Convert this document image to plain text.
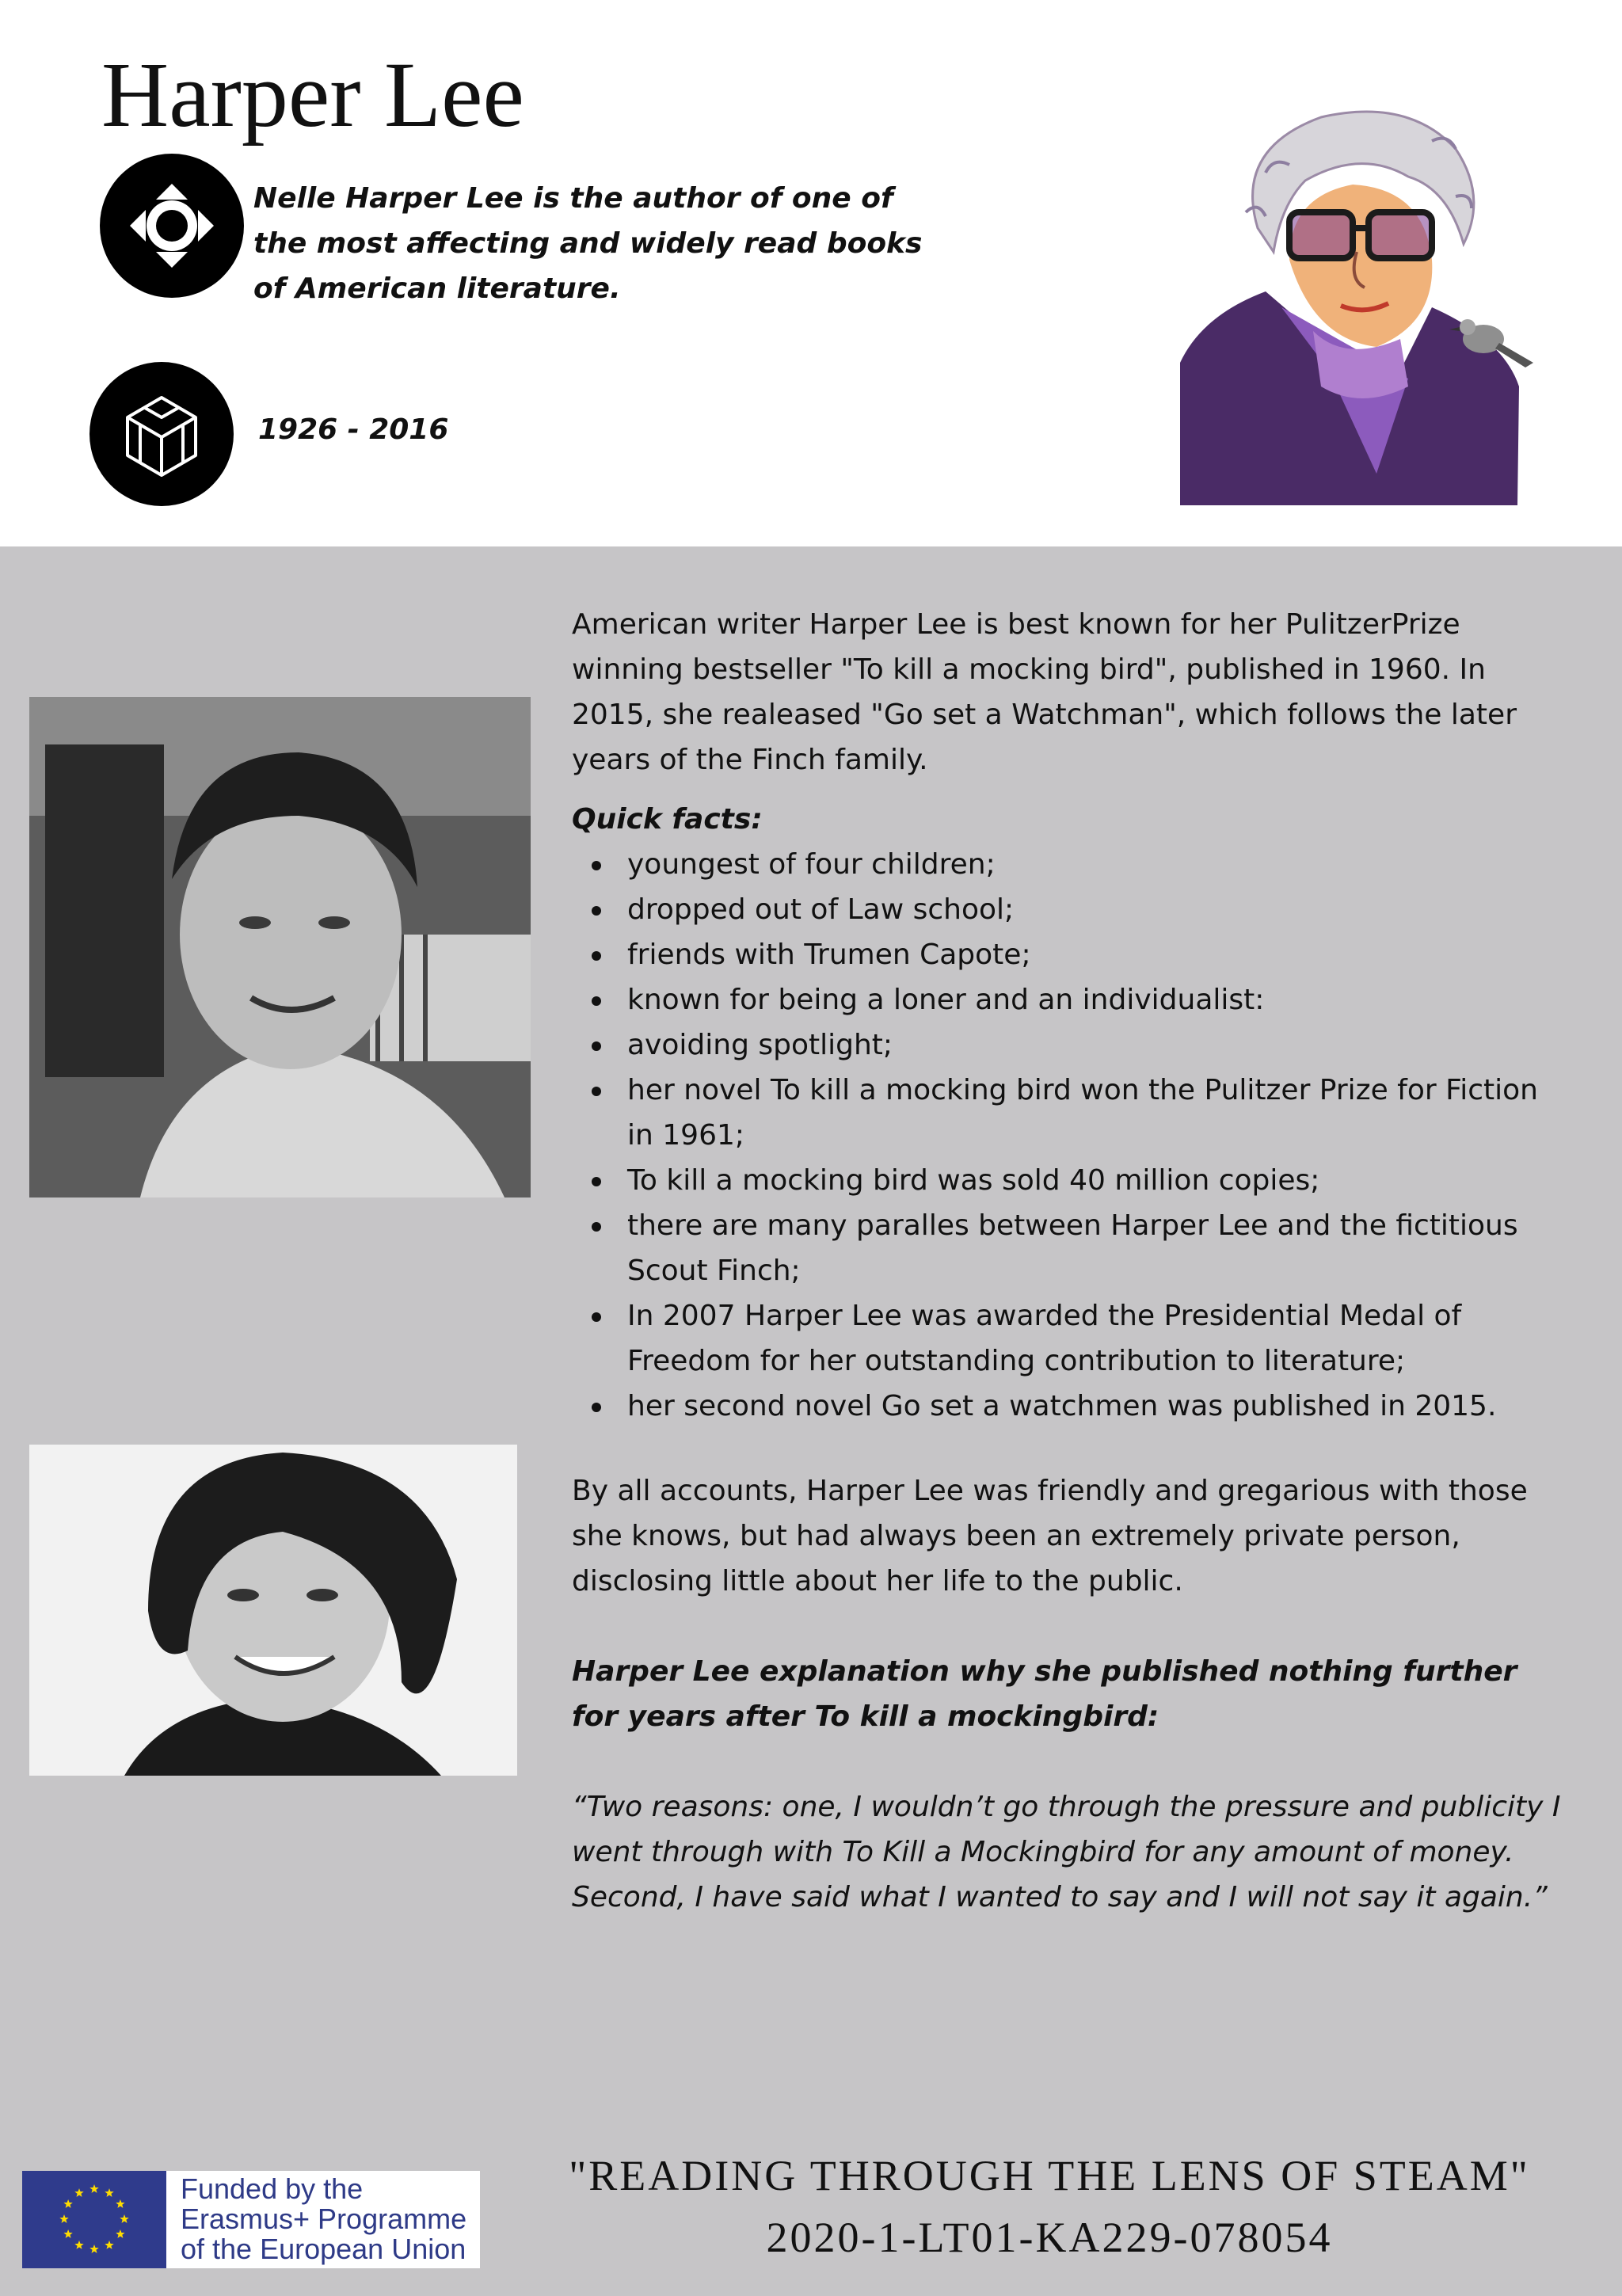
Harper Lee

Nelle Harper Lee is the author of one of the most affecting and widely read books of American literature.

1926 - 2016

American writer Harper Lee is best known for her PulitzerPrize winning bestseller "To kill a mocking bird", published in 1960. In 2015, she realeased "Go set a Watchman", which follows the later years of the Finch family.

Quick facts:

youngest of four children;
dropped out of Law school;
friends with Trumen Capote;
known for being a loner and an individualist:
avoiding spotlight;
her novel To kill a mocking bird won the Pulitzer Prize for Fiction in 1961;
To kill a mocking bird was sold 40 million copies;
there are many paralles between Harper Lee and the fictitious Scout Finch;
In 2007 Harper Lee was awarded the Presidential Medal of Freedom for her outstanding contribution to literature;
her second novel Go set a watchmen was published in 2015.

By all accounts, Harper Lee was friendly and gregarious with those she knows, but had always been an extremely private person, disclosing little about her life to the public.

Harper Lee explanation why she published nothing further for years after To kill a mockingbird:

“Two reasons: one, I wouldn’t go through the pressure and publicity I went through with To Kill a Mockingbird for any amount of money. Second, I have said what I wanted to say and I will not say it again.”

Funded by the
Erasmus+ Programme
of the European Union
"READING THROUGH THE LENS OF STEAM"
2020-1-LT01-KA229-078054
